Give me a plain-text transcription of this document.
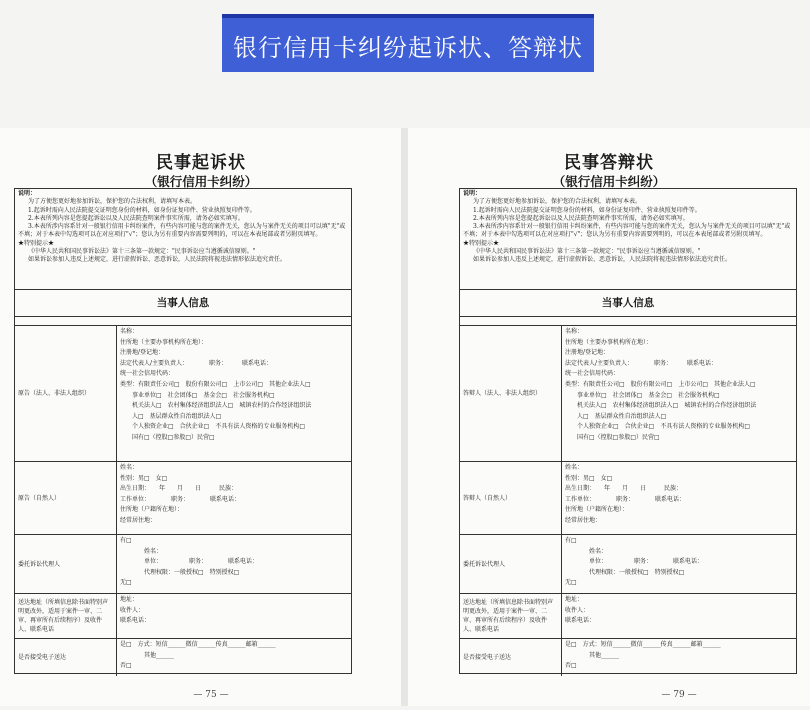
银行信用卡纠纷起诉状、答辩状
民事起诉状
（银行信用卡纠纷）
说明：

为了方便您更好地参加诉讼，保护您的合法权利，请填写本表。

1.起诉时需向人民法院提交证明您身份的材料，如身份证复印件、营业执照复印件等。

2.本表所列内容是您提起诉讼以及人民法院查明案件事实所需，请务必如实填写。

3.本表所涉内容系针对一般银行信用卡纠纷案件，有些内容可能与您的案件无关，您认为与案件无关的项目可以填"无"或不填；对于本表中勾选项可以在对应项打"√"；您认为另有重要内容需要列明的，可以在本表尾部或者另附页填写。

★特别提示★

《中华人民共和国民事诉讼法》第十三条第一款规定："民事诉讼应当遵循诚信原则。"

如果诉讼参加人违反上述规定，进行虚假诉讼、恶意诉讼，人民法院将视违法情形依法追究责任。

当事人信息
原告（法人、非法人组织）
名称：
住所地（主要办事机构所在地）：
注册地/登记地：
法定代表人/主要负责人：　　　　职务：　　　联系电话：
统一社会信用代码：
类型：有限责任公司□　股份有限公司□　上市公司□　其他企业法人□
事业单位□　社会团体□　基金会□　社会服务机构□
机关法人□　农村集体经济组织法人□　城镇农村的合作经济组织法
人□　基层群众性自治组织法人□
个人独资企业□　合伙企业□　不具有法人资格的专业服务机构□
国有□（控股□参股□）民营□
原告（自然人）
姓名：
性别：男□　女□
出生日期：　　年　　月　　日　　　民族：
工作单位：　　　　职务：　　　　联系电话：
住所地（户籍所在地）：
经常居住地：
委托诉讼代理人
有□
姓名：
单位：　　　　　职务：　　　　联系电话：
代理权限：一般授权□　特别授权□
无□
送达地址（所填信息除书面特别声明更改外，适用于案件一审、二审、再审所有后续程序）及收件人、联系电话
地址：
收件人：
联系电话：
是否接受电子送达
是□　方式：短信______微信______传真______邮箱______
其他______
否□
— 75 —
民事答辩状
（银行信用卡纠纷）
说明：

为了方便您更好地参加诉讼，保护您的合法权利，请填写本表。

1.起诉时需向人民法院提交证明您身份的材料，如身份证复印件、营业执照复印件等。

2.本表所列内容是您提起诉讼以及人民法院查明案件事实所需，请务必如实填写。

3.本表所涉内容系针对一般银行信用卡纠纷案件，有些内容可能与您的案件无关，您认为与案件无关的项目可以填"无"或不填；对于本表中勾选项可以在对应项打"√"；您认为另有重要内容需要列明的，可以在本表尾部或者另附页填写。

★特别提示★

《中华人民共和国民事诉讼法》第十三条第一款规定："民事诉讼应当遵循诚信原则。"

如果诉讼参加人违反上述规定，进行虚假诉讼、恶意诉讼，人民法院将视违法情形依法追究责任。

当事人信息
答辩人（法人、非法人组织）
名称：
住所地（主要办事机构所在地）：
注册地/登记地：
法定代表人/主要负责人：　　　　职务：　　　联系电话：
统一社会信用代码：
类型：有限责任公司□　股份有限公司□　上市公司□　其他企业法人□
事业单位□　社会团体□　基金会□　社会服务机构□
机关法人□　农村集体经济组织法人□　城镇农村的合作经济组织法
人□　基层群众性自治组织法人□
个人独资企业□　合伙企业□　不具有法人资格的专业服务机构□
国有□（控股□参股□）民营□
答辩人（自然人）
姓名：
性别：男□　女□
出生日期：　　年　　月　　日　　　民族：
工作单位：　　　　职务：　　　　联系电话：
住所地（户籍所在地）：
经常居住地：
委托诉讼代理人
有□
姓名：
单位：　　　　　职务：　　　　联系电话：
代理权限：一般授权□　特别授权□
无□
送达地址（所填信息除书面特别声明更改外，适用于案件一审、二审、再审所有后续程序）及收件人、联系电话
地址：
收件人：
联系电话：
是否接受电子送达
是□　方式：短信______微信______传真______邮箱______
其他______
否□
— 79 —
